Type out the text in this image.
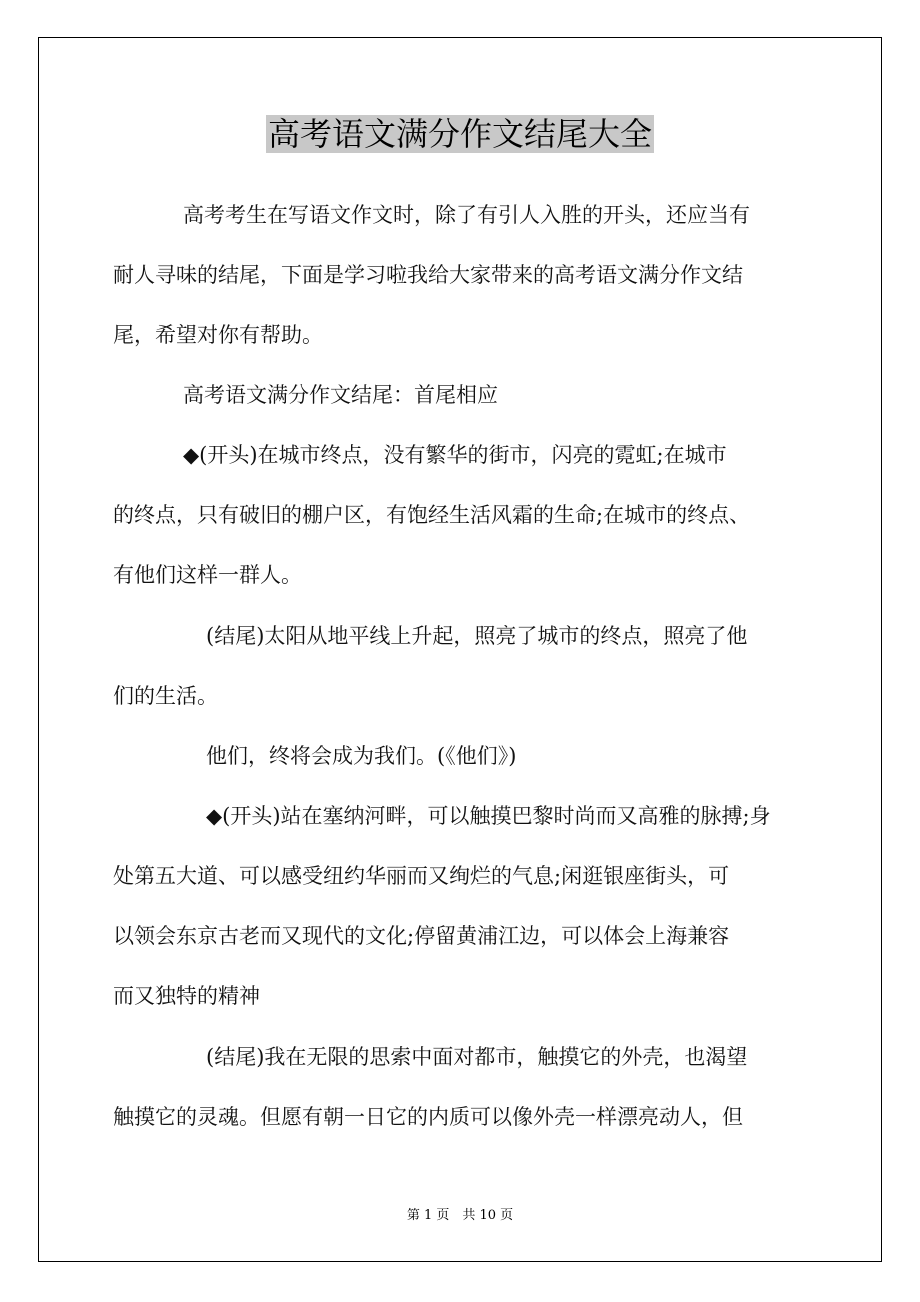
高考语文满分作文结尾大全
高考考生在写语文作文时，除了有引人入胜的开头，还应当有
耐人寻味的结尾，下面是学习啦我给大家带来的高考语文满分作文结
尾，希望对你有帮助。
高考语文满分作文结尾：首尾相应
◆(开头)在城市终点，没有繁华的街市，闪亮的霓虹;在城市
的终点，只有破旧的棚户区，有饱经生活风霜的生命;在城市的终点、
有他们这样一群人。
(结尾)太阳从地平线上升起，照亮了城市的终点，照亮了他
们的生活。
他们，终将会成为我们。(《他们》)
◆(开头)站在塞纳河畔，可以触摸巴黎时尚而又高雅的脉搏;身
处第五大道、可以感受纽约华丽而又绚烂的气息;闲逛银座街头，可
以领会东京古老而又现代的文化;停留黄浦江边，可以体会上海兼容
而又独特的精神
(结尾)我在无限的思索中面对都市，触摸它的外壳，也渴望
触摸它的灵魂。但愿有朝一日它的内质可以像外壳一样漂亮动人，但
第 1 页　共 10 页
